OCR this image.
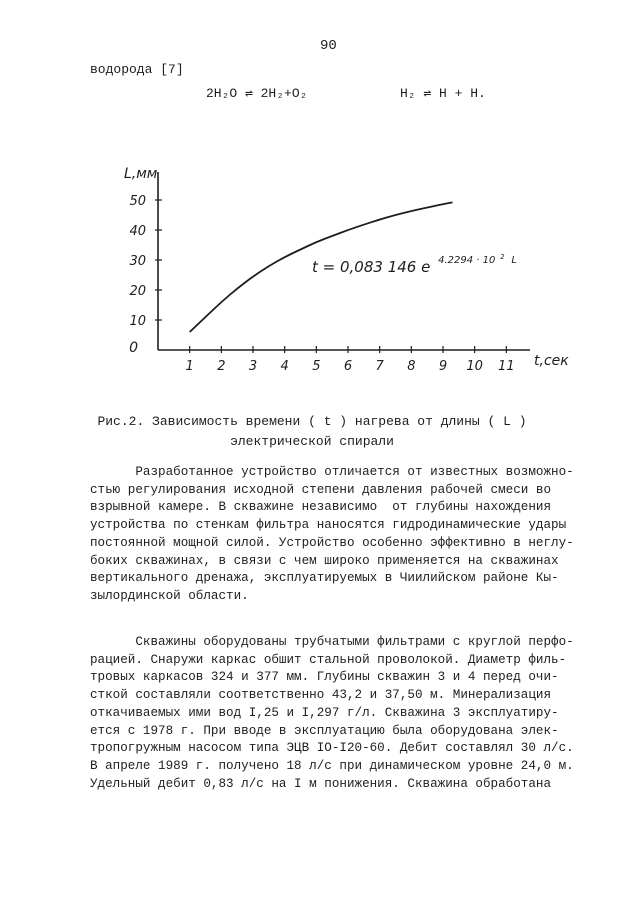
90
водорода [7]
2H₂O ⇌ 2H₂+O₂	H₂ ⇌ H + H.
L,мм
t,сек
1 2 3 4 5 6 7 8 9 10 11
0
10
20
30
40
50
t = 0,083 146 e $^{4.2294 \cdot 10}$ $^2$ $_L$
Рис.2. Зависимость времени ( t ) нагрева от длины ( L )
электрической спирали
Разработанное устройство отличается от известных возможно-
стью регулирования исходной степени давления рабочей смеси во
взрывной камере. В скважине независимо  от глубины нахождения
устройства по стенкам фильтра наносятся гидродинамические удары
постоянной мощной силой. Устройство особенно эффективно в неглу-
боких скважинах, в связи с чем широко применяется на скважинах
вертикального дренажа, эксплуатируемых в Чиилийском районе Кы-
зылординской области.
Скважины оборудованы трубчатыми фильтрами с круглой перфо-
рацией. Снаружи каркас обшит стальной проволокой. Диаметр филь-
тровых каркасов 324 и 377 мм. Глубины скважин 3 и 4 перед очи-
сткой составляли соответственно 43,2 и 37,50 м. Минерализация
откачиваемых ими вод I,25 и I,297 г/л. Скважина 3 эксплуатиру-
ется с 1978 г. При вводе в эксплуатацию была оборудована элек-
тропогружным насосом типа ЭЦВ IO-I20-60. Дебит составлял 30 л/с.
В апреле 1989 г. получено 18 л/с при динамическом уровне 24,0 м.
Удельный дебит 0,83 л/с на I м понижения. Скважина обработана
